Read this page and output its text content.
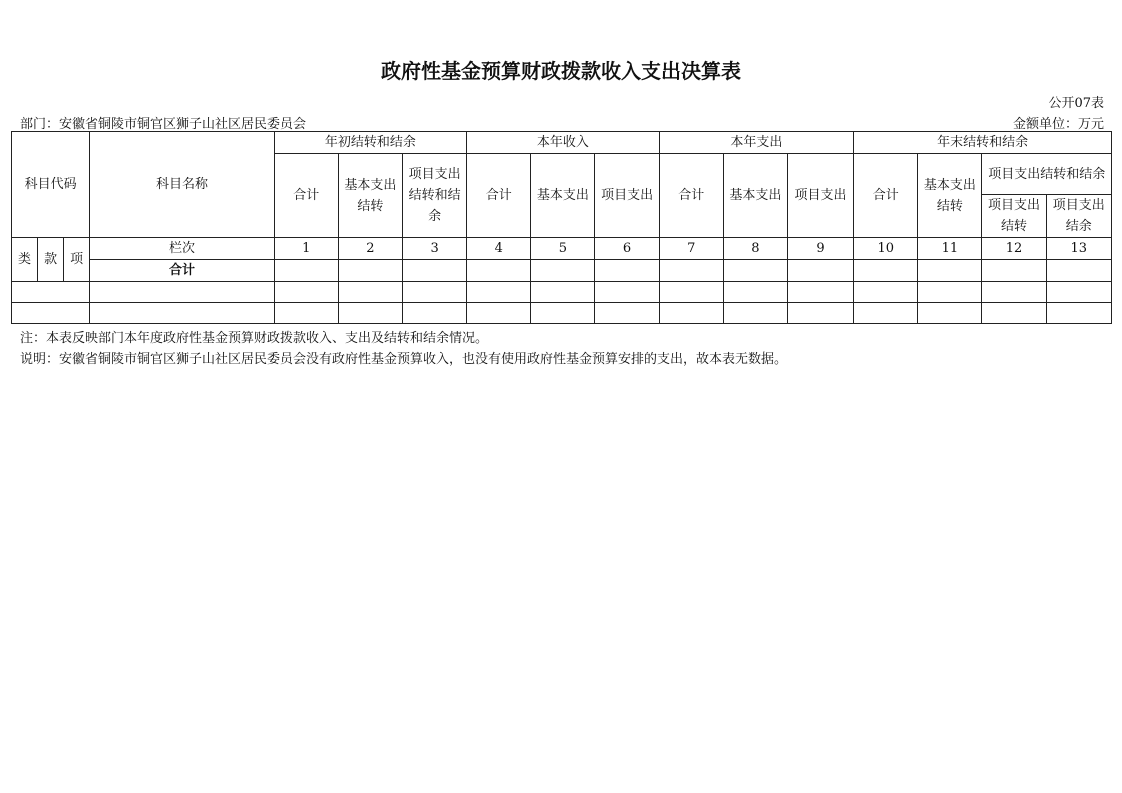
政府性基金预算财政拨款收入支出决算表
公开07表
部门：安徽省铜陵市铜官区狮子山社区居民委员会	金额单位：万元
科目代码			科目名称	年初结转和结余			本年收入			本年支出			年末结转和结余			
				合计	基本支出结转	项目支出结转和结余	合计	基本支出	项目支出	合计	基本支出	项目支出	合计	基本支出结转	项目支出结转和结余	
															项目支出结转	项目支出结余
类	款	项	栏次	1	2	3	4	5	6	7	8	9	10	11	12	13
			合计													

注：本表反映部门本年度政府性基金预算财政拨款收入、支出及结转和结余情况。
说明：安徽省铜陵市铜官区狮子山社区居民委员会没有政府性基金预算收入，也没有使用政府性基金预算安排的支出，故本表无数据。
